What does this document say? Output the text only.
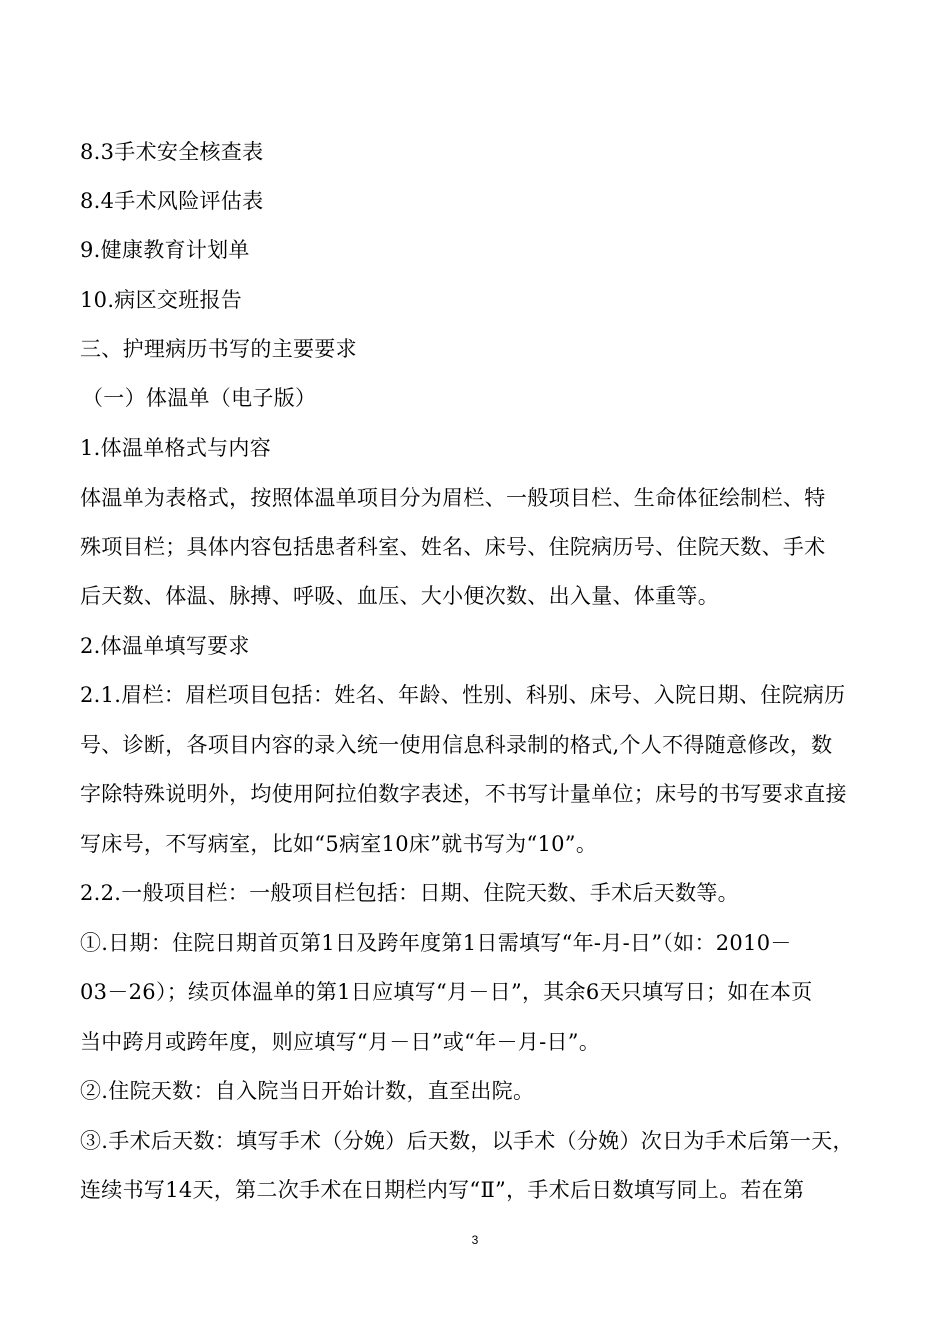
8.3手术安全核查表
8.4手术风险评估表
9.健康教育计划单
10.病区交班报告
三、护理病历书写的主要要求
（一）体温单（电子版）
1.体温单格式与内容
体温单为表格式，按照体温单项目分为眉栏、一般项目栏、生命体征绘制栏、特
殊项目栏；具体内容包括患者科室、姓名、床号、住院病历号、住院天数、手术
后天数、体温、脉搏、呼吸、血压、大小便次数、出入量、体重等。
2.体温单填写要求
2.1.眉栏：眉栏项目包括：姓名、年龄、性别、科别、床号、入院日期、住院病历
号、诊断，各项目内容的录入统一使用信息科录制的格式,个人不得随意修改，数
字除特殊说明外，均使用阿拉伯数字表述，不书写计量单位；床号的书写要求直接
写床号，不写病室，比如“5病室10床”就书写为“10”。
2.2.一般项目栏：一般项目栏包括：日期、住院天数、手术后天数等。
①.日期：住院日期首页第1日及跨年度第1日需填写“年-月-日”（如：2010－
03－26）；续页体温单的第1日应填写“月－日”，其余6天只填写日；如在本页
当中跨月或跨年度，则应填写“月－日”或“年－月-日”。
②.住院天数：自入院当日开始计数，直至出院。
③.手术后天数：填写手术（分娩）后天数，以手术（分娩）次日为手术后第一天，
连续书写14天，第二次手术在日期栏内写“Ⅱ”，手术后日数填写同上。若在第
3
